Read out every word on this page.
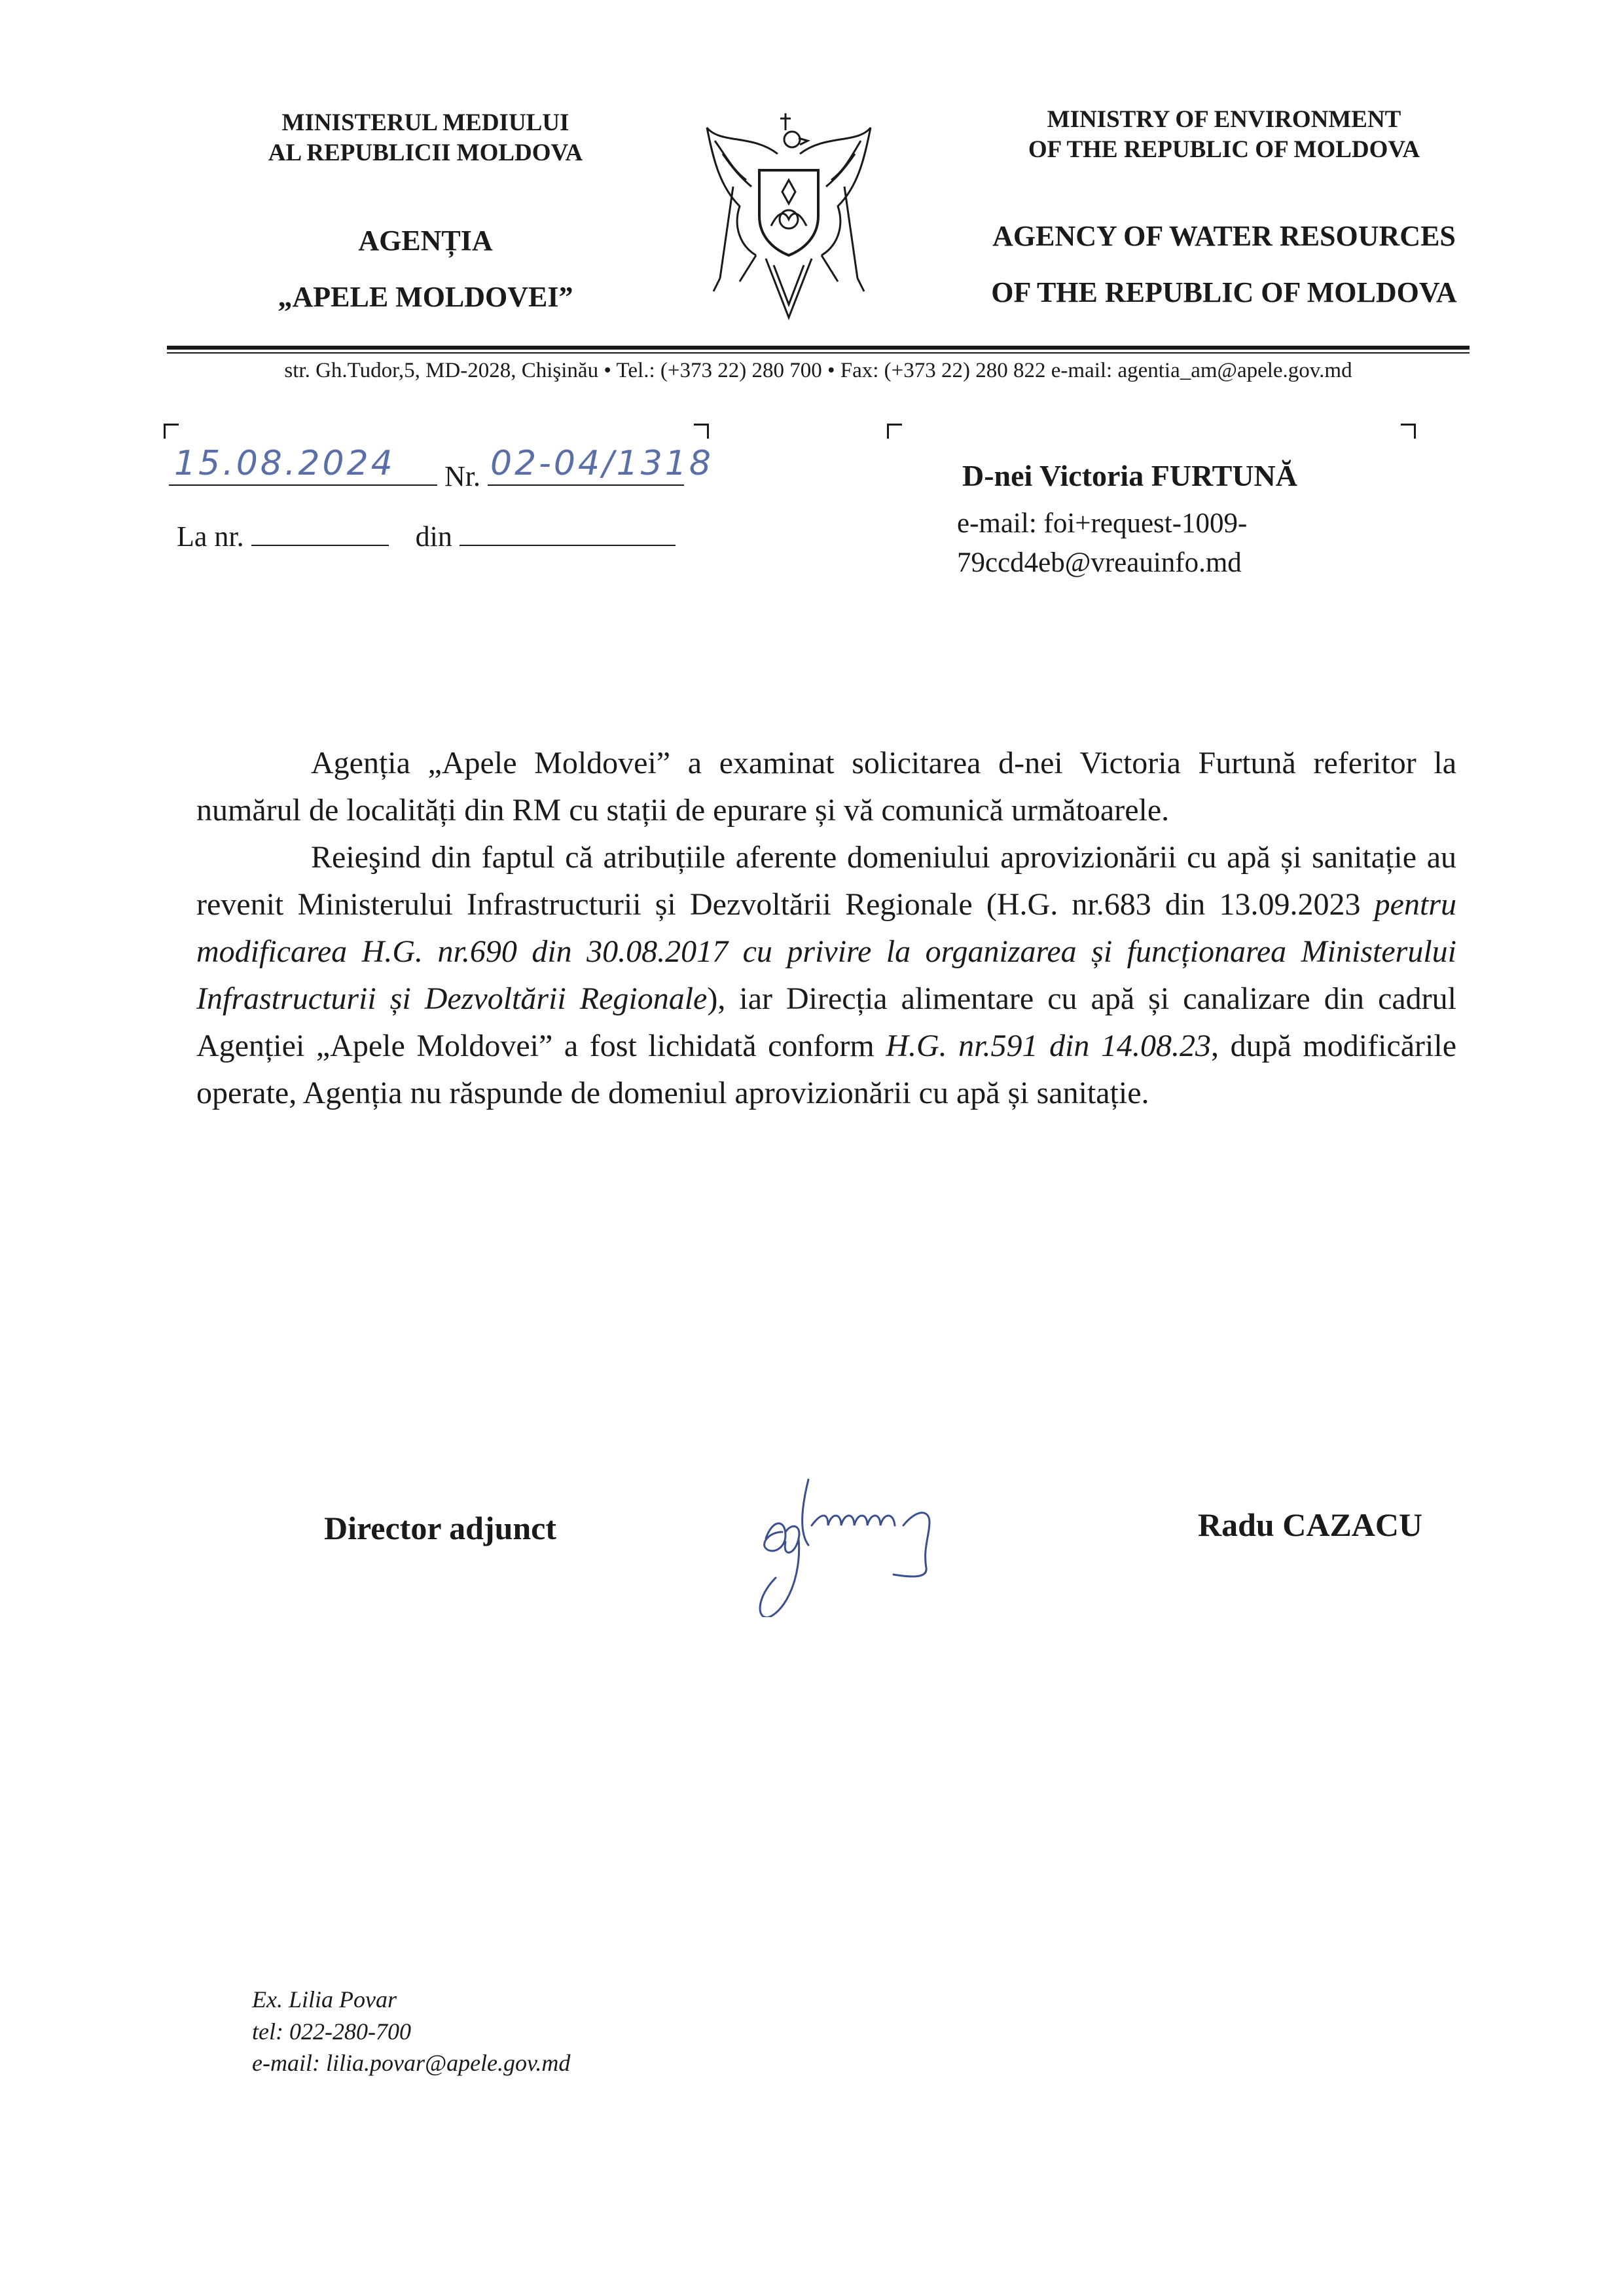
MINISTERUL MEDIULUI
AL REPUBLICII MOLDOVA
AGENȚIA
„APELE MOLDOVEI”
MINISTRY OF ENVIRONMENT
OF THE REPUBLIC OF MOLDOVA
AGENCY OF WATER RESOURCES
OF THE REPUBLIC OF MOLDOVA
str. Gh.Tudor,5, MD-2028, Chişinău • Tel.: (+373 22) 280 700 • Fax: (+373 22) 280 822 e-mail: agentia_am@apele.gov.md
15.08.2024 Nr. 02-04/1318
La nr.	din
D-nei Victoria FURTUNĂ
e-mail: foi+request-1009-
79ccd4eb@vreauinfo.md

Agenția „Apele Moldovei” a examinat solicitarea d-nei Victoria Furtună referitor la numărul de localități din RM cu stații de epurare și vă comunică următoarele.

Reieşind din faptul că atribuțiile aferente domeniului aprovizionării cu apă și sanitație au revenit Ministerului Infrastructurii și Dezvoltării Regionale (H.G. nr.683 din 13.09.2023 pentru modificarea H.G. nr.690 din 30.08.2017 cu privire la organizarea și funcționarea Ministerului Infrastructurii și Dezvoltării Regionale), iar Direcția alimentare cu apă și canalizare din cadrul Agenției „Apele Moldovei” a fost lichidată conform H.G. nr.591 din 14.08.23, după modificările operate, Agenția nu răspunde de domeniul aprovizionării cu apă și sanitație.

Director adjunct	Radu CAZACU
Ex. Lilia Povar
tel: 022-280-700
e-mail: lilia.povar@apele.gov.md
